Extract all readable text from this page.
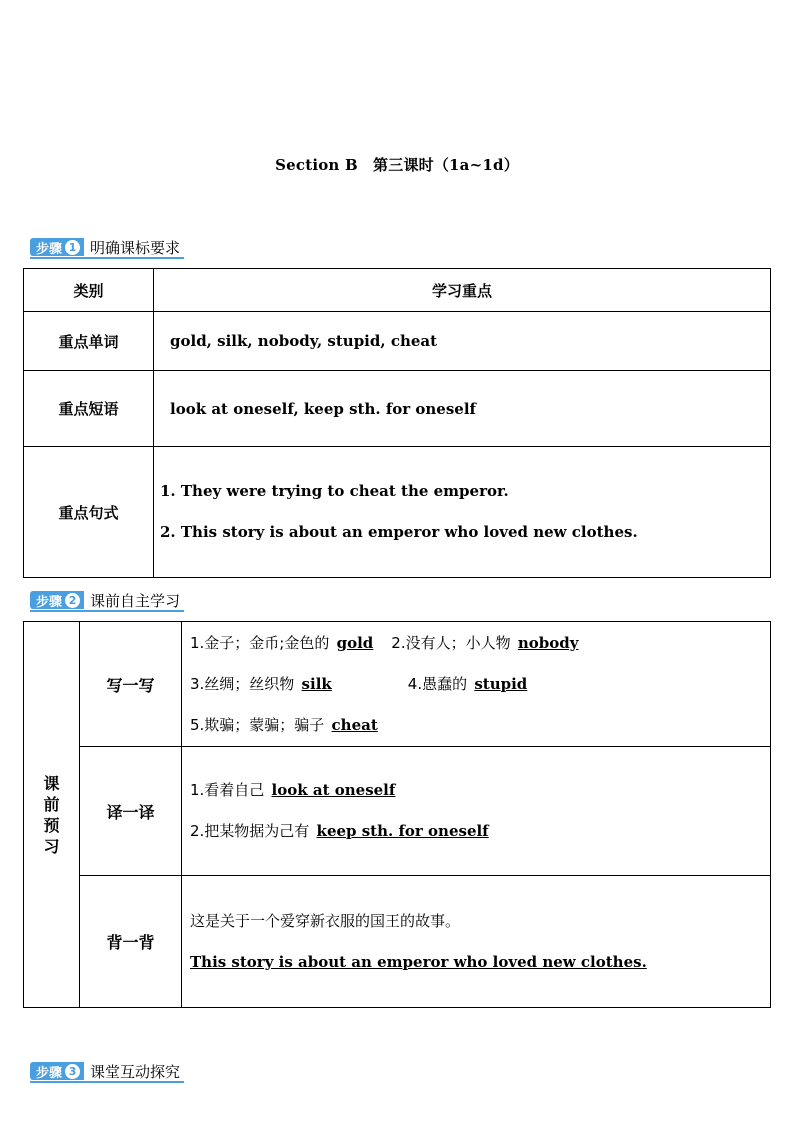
Section B　第三课时（1a~1d）
步骤 1 明确课标要求
类别	学习重点
重点单词	gold, silk, nobody, stupid, cheat
重点短语	look at oneself, keep sth. for oneself
重点句式	1. They were trying to cheat the emperor.
2. This story is about an emperor who loved new clothes.
步骤 2 课前自主学习
课前预习	写一写	1.金子；金币;金色的 gold 2.没有人；小人物 nobody
3.丝绸；丝织物 silk 4.愚蠢的 stupid
5.欺骗；蒙骗；骗子 cheat

	译一译	1.看着自己 look at oneself
2.把某物据为己有 keep sth. for oneself

	背一背	这是关于一个爱穿新衣服的国王的故事。
This story is about an emperor who loved new clothes.
步骤 3 课堂互动探究
